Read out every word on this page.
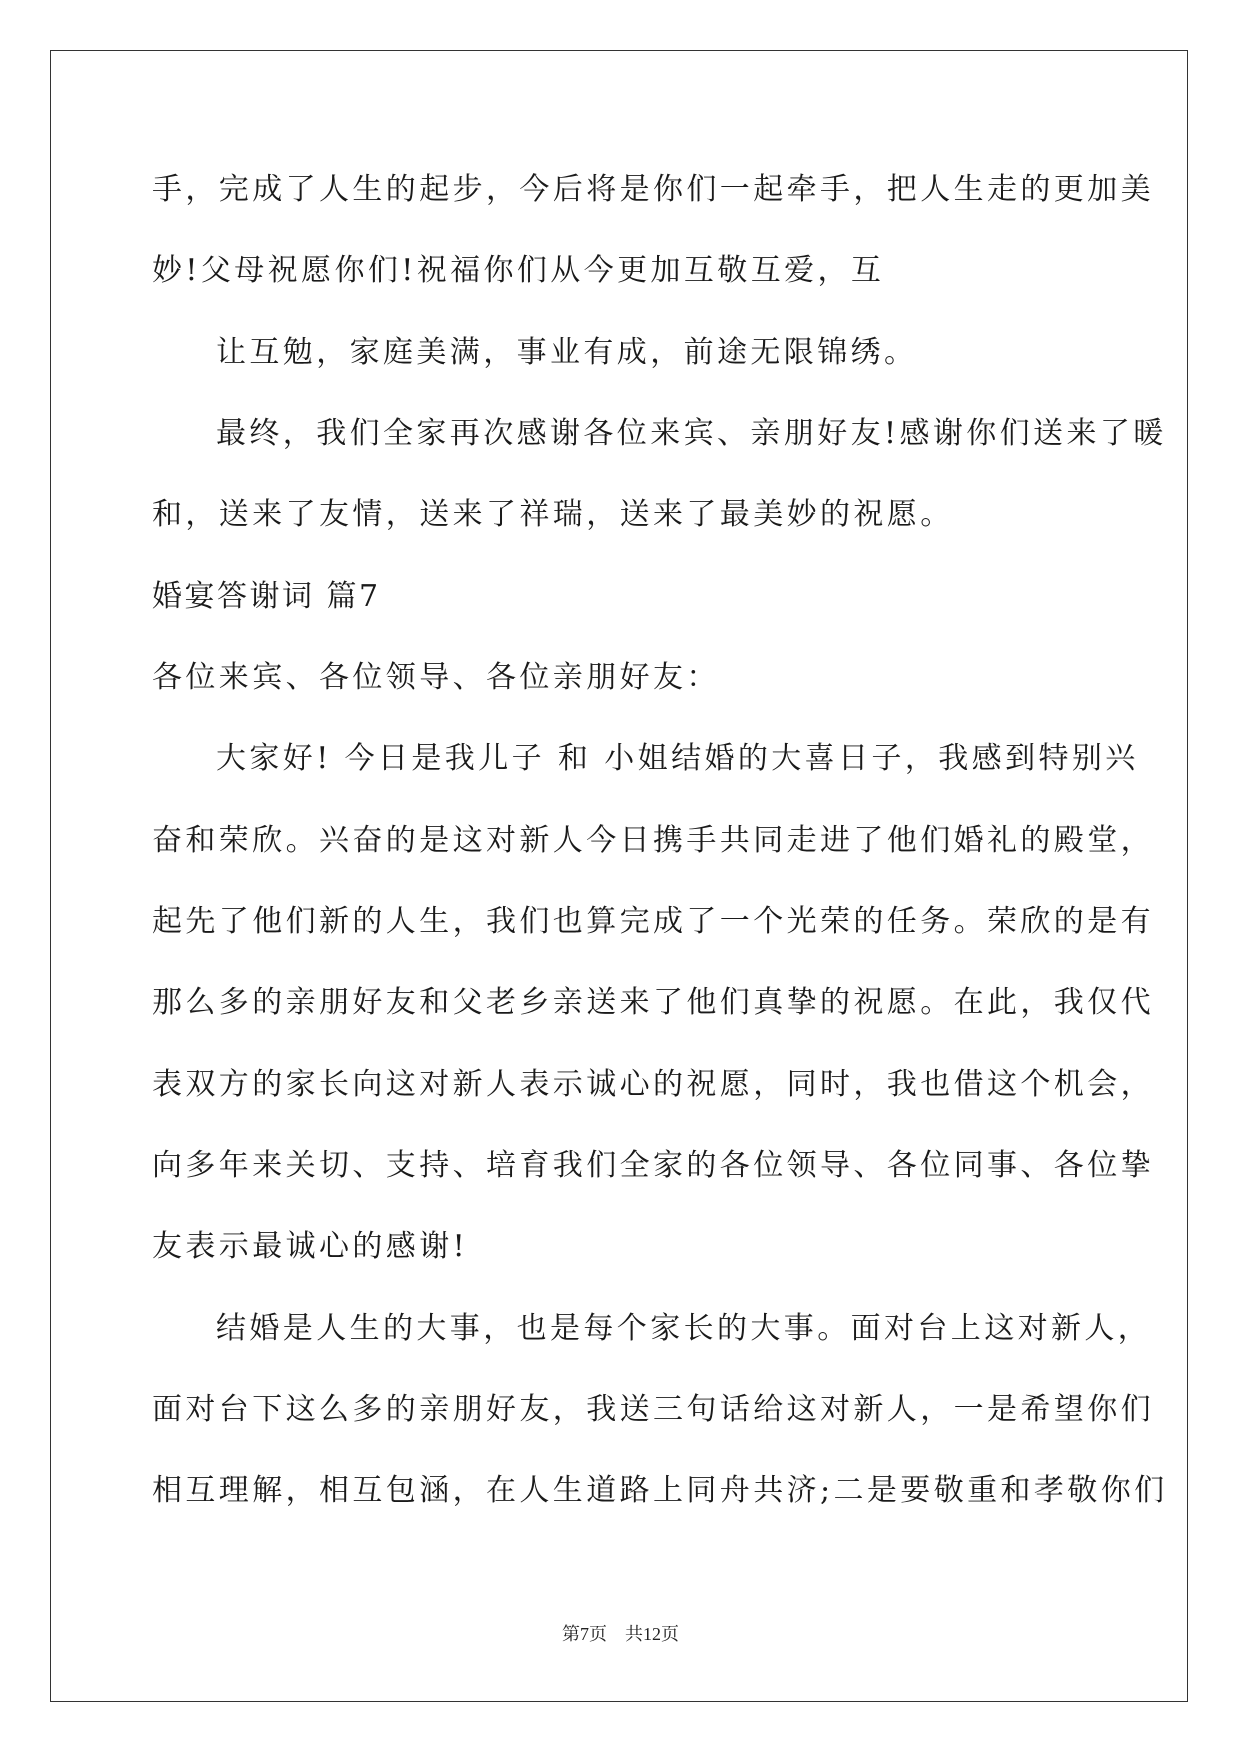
手，完成了人生的起步，今后将是你们一起牵手，把人生走的更加美
妙!父母祝愿你们!祝福你们从今更加互敬互爱，互
让互勉，家庭美满，事业有成，前途无限锦绣。
最终，我们全家再次感谢各位来宾、亲朋好友!感谢你们送来了暖
和，送来了友情，送来了祥瑞，送来了最美妙的祝愿。
婚宴答谢词 篇7
各位来宾、各位领导、各位亲朋好友：
大家好! 今日是我儿子 和 小姐结婚的大喜日子，我感到特别兴
奋和荣欣。兴奋的是这对新人今日携手共同走进了他们婚礼的殿堂，
起先了他们新的人生，我们也算完成了一个光荣的任务。荣欣的是有
那么多的亲朋好友和父老乡亲送来了他们真挚的祝愿。在此，我仅代
表双方的家长向这对新人表示诚心的祝愿，同时，我也借这个机会，
向多年来关切、支持、培育我们全家的各位领导、各位同事、各位挚
友表示最诚心的感谢!
结婚是人生的大事，也是每个家长的大事。面对台上这对新人，
面对台下这么多的亲朋好友，我送三句话给这对新人，一是希望你们
相互理解，相互包涵，在人生道路上同舟共济;二是要敬重和孝敬你们
第7页　共12页
